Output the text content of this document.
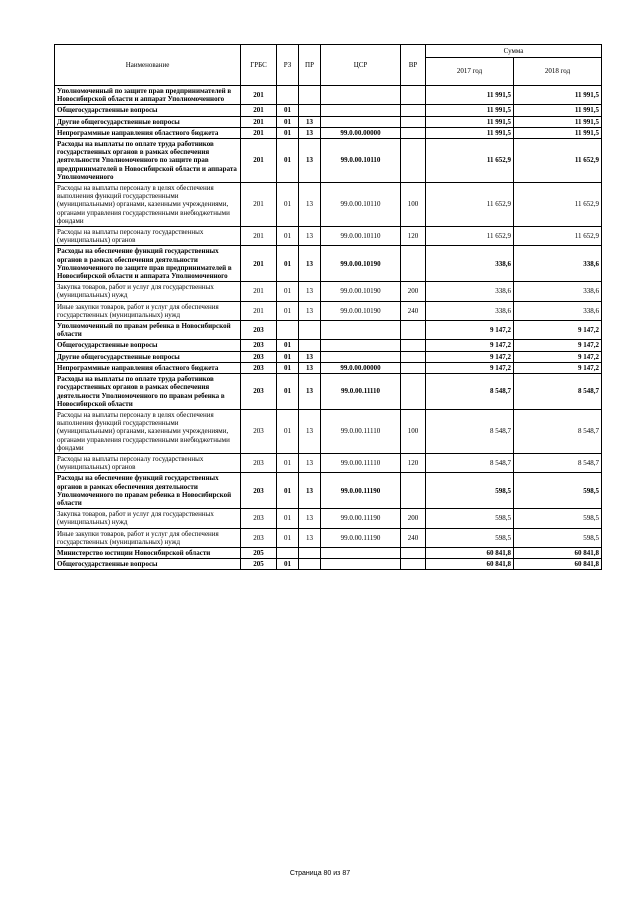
Наименование	ГРБС	РЗ	ПР	ЦСР	ВР	Сумма	
						2017 год	2018 год
Уполномоченный по защите прав предпринимателей в Новосибирской области и аппарат Уполномоченного	201					11 991,5	11 991,5
Общегосударственные вопросы	201	01				11 991,5	11 991,5
Другие общегосударственные вопросы	201	01	13			11 991,5	11 991,5
Непрограммные направления областного бюджета	201	01	13	99.0.00.00000		11 991,5	11 991,5
Расходы на выплаты по оплате труда работников государственных органов в рамках обеспечения деятельности Уполномоченного по защите прав предпринимателей в Новосибирской области и аппарата Уполномоченного	201	01	13	99.0.00.10110		11 652,9	11 652,9
Расходы на выплаты персоналу в целях обеспечения выполнения функций государственными (муниципальными) органами, казенными учреждениями, органами управления государственными внебюджетными фондами	201	01	13	99.0.00.10110	100	11 652,9	11 652,9
Расходы на выплаты персоналу государственных (муниципальных) органов	201	01	13	99.0.00.10110	120	11 652,9	11 652,9
Расходы на обеспечение функций государственных органов в рамках обеспечения деятельности Уполномоченного по защите прав предпринимателей в Новосибирской области и аппарата Уполномоченного	201	01	13	99.0.00.10190		338,6	338,6
Закупка товаров, работ и услуг для государственных (муниципальных) нужд	201	01	13	99.0.00.10190	200	338,6	338,6
Иные закупки товаров, работ и услуг для обеспечения государственных (муниципальных) нужд	201	01	13	99.0.00.10190	240	338,6	338,6
Уполномоченный по правам ребенка в Новосибирской области	203					9 147,2	9 147,2
Общегосударственные вопросы	203	01				9 147,2	9 147,2
Другие общегосударственные вопросы	203	01	13			9 147,2	9 147,2
Непрограммные направления областного бюджета	203	01	13	99.0.00.00000		9 147,2	9 147,2
Расходы на выплаты по оплате труда работников государственных органов в рамках обеспечения деятельности Уполномоченного по правам ребенка в Новосибирской области	203	01	13	99.0.00.11110		8 548,7	8 548,7
Расходы на выплаты персоналу в целях обеспечения выполнения функций государственными (муниципальными) органами, казенными учреждениями, органами управления государственными внебюджетными фондами	203	01	13	99.0.00.11110	100	8 548,7	8 548,7
Расходы на выплаты персоналу государственных (муниципальных) органов	203	01	13	99.0.00.11110	120	8 548,7	8 548,7
Расходы на обеспечение функций государственных органов в рамках обеспечения деятельности Уполномоченного по правам ребенка в Новосибирской области	203	01	13	99.0.00.11190		598,5	598,5
Закупка товаров, работ и услуг для государственных (муниципальных) нужд	203	01	13	99.0.00.11190	200	598,5	598,5
Иные закупки товаров, работ и услуг для обеспечения государственных (муниципальных) нужд	203	01	13	99.0.00.11190	240	598,5	598,5
Министерство юстиции Новосибирской области	205					60 841,8	60 841,8
Общегосударственные вопросы	205	01				60 841,8	60 841,8
Страница 80 из 87
